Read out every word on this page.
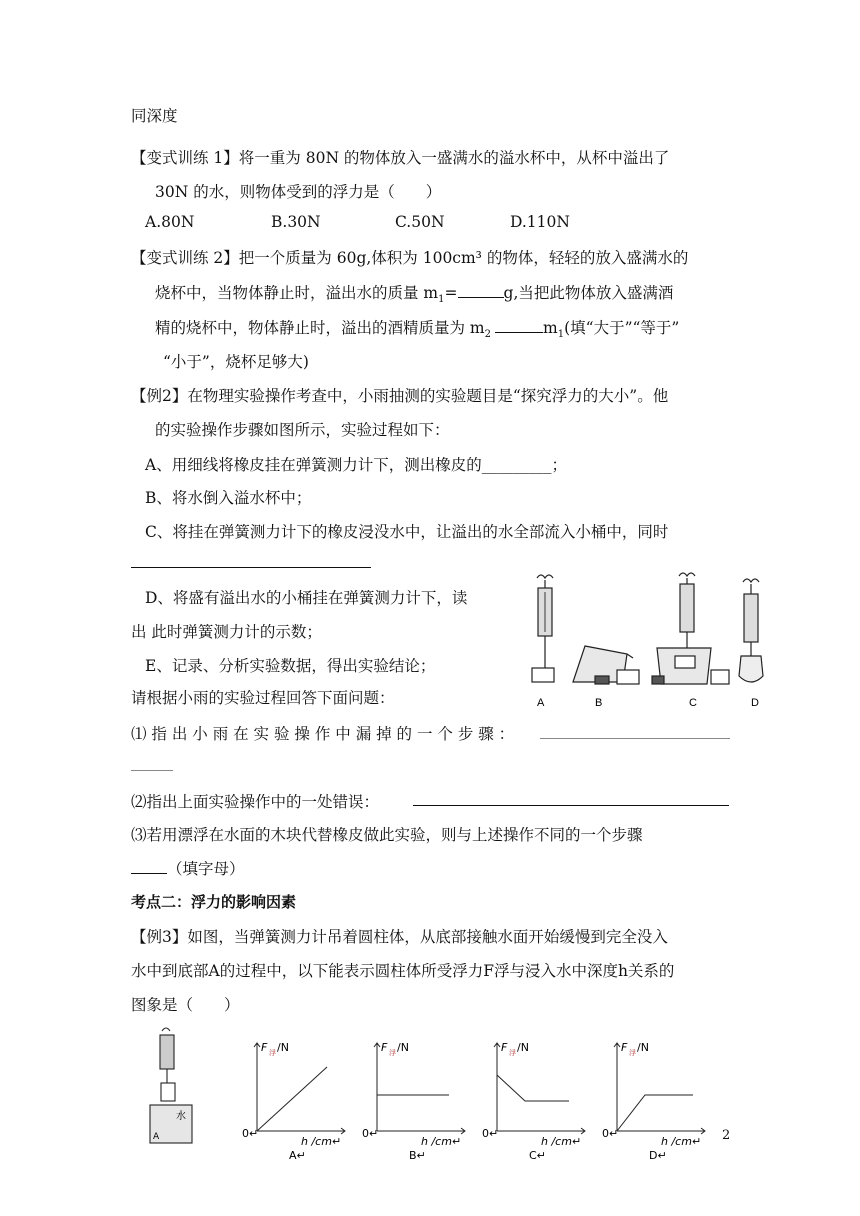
同深度
【变式训练 1】将一重为 80N 的物体放入一盛满水的溢水杯中，从杯中溢出了
30N 的水，则物体受到的浮力是（　　）
A.80N	B.30N	C.50N	D.110N
【变式训练 2】把一个质量为 60g,体积为 100cm³ 的物体，轻轻的放入盛满水的
烧杯中，当物体静止时，溢出水的质量 $m_1=$	g,当把此物体放入盛满酒
精的烧杯中，物体静止时，溢出的酒精质量为 $m_2$	$m_1$(填“大于”“等于”
“小于”，烧杯足够大)
【例2】在物理实验操作考查中，小雨抽测的实验题目是“探究浮力的大小”。他
的实验操作步骤如图所示，实验过程如下：
A、用细线将橡皮挂在弹簧测力计下，测出橡皮的_________；
B、将水倒入溢水杯中；
C、将挂在弹簧测力计下的橡皮浸没水中，让溢出的水全部流入小桶中，同时
D、将盛有溢出水的小桶挂在弹簧测力计下，读
出 此时弹簧测力计的示数；
E、记录、分析实验数据，得出实验结论；
请根据小雨的实验过程回答下面问题：
⑴ 指 出 小 雨 在 实 验 操 作 中 漏 掉 的 一 个 步 骤 ：
⑵指出上面实验操作中的一处错误：
⑶若用漂浮在水面的木块代替橡皮做此实验，则与上述操作不同的一个步骤
（填字母）
考点二：浮力的影响因素
【例3】如图，当弹簧测力计吊着圆柱体，从底部接触水面开始缓慢到完全没入
水中到底部A的过程中，以下能表示圆柱体所受浮力F浮与浸入水中深度h关系的
图象是（　　）
A	B	C	D
水
A
F 浮 /N
0↵
h /cm↵
A↵
F 浮 /N
0↵
h /cm↵
B↵
F 浮 /N
0↵
h /cm↵
C↵
F 浮 /N
0↵
h /cm↵
D↵
2
